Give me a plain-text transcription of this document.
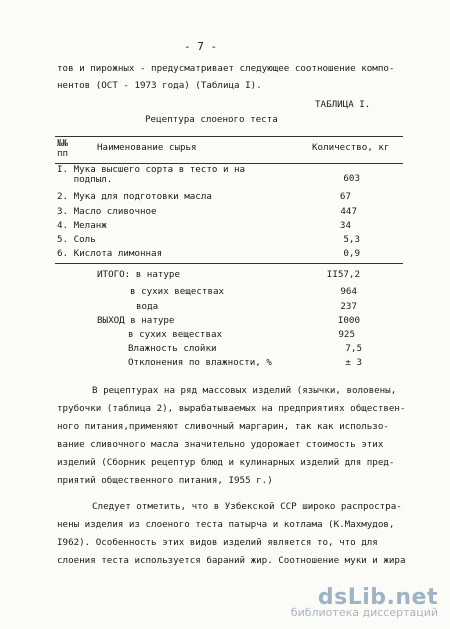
- 7 -

тов и пирожных - предусматривает следующее соотношение компо-

нентов (ОСТ - 1973 года) (Таблица I).

ТАБЛИЦА I.
Рецептура слоеного теста
№№
пп
Наименование сырья	Количество, кг
I. Мука высшего сорта в тесто и на
подпыл.	603
2. Мука для подготовки масла	67
3. Масло сливочное	447
4. Меланж	34
5. Соль	5,3
6. Кислота лимонная	0,9
ИТОГО: в натуре	II57,2
в сухих веществах	964
вода	237
ВЫХОД в натуре	I000
в сухих веществах	925
Влажность слойки	7,5
Отклонения по влажности, %	± 3

В рецептурах на ряд массовых изделий (язычки, воловены,

трубочки (таблица 2), вырабатываемых на предприятиях обществен-

ного питания,применяют сливочный маргарин, так как использо-

вание сливочного масла значительно удорожает стоимость этих

изделий (Сборник рецептур блюд и кулинарных изделий для пред-

приятий общественного питания, I955 г.)

Следует отметить, что в Узбекской ССР широко распростра-

нены изделия из слоеного теста патырча и котлама (К.Махмудов,

I962). Особенность этих видов изделий является то, что для

слоения теста используется бараний жир. Соотношение муки и жира

dsLib.net
библиотека диссертаций
